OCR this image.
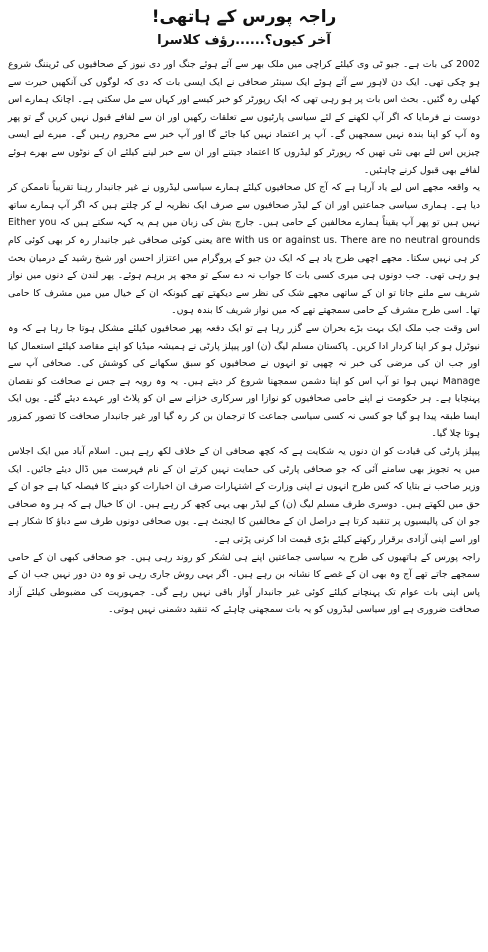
راجہ پورس کے ہاتھی!
آخر کیوں؟......رؤف کلاسرا

2002 کی بات ہے۔ جیو ٹی وی کیلئے کراچی میں ملک بھر سے آئے ہوئے جنگ اور دی نیوز کے صحافیوں کی ٹریننگ شروع ہو چکی تھی۔ ایک دن لاہور سے آئے ہوئے ایک سینئر صحافی نے ایک ایسی بات کہ دی کہ لوگوں کی آنکھیں حیرت سے کھلی رہ گئیں۔ بحث اس بات پر ہو رہی تھی کہ ایک رپورٹر کو خبر کیسے اور کہاں سے مل سکتی ہے۔ اچانک ہمارے اس دوست نے فرمایا کہ اگر آپ لکھنے کے لئے سیاسی پارٹیوں سے تعلقات رکھیں اور ان سے لفافے قبول نہیں کریں گے تو پھر وہ آپ کو اپنا بندہ نہیں سمجھیں گے۔ آپ پر اعتماد نہیں کیا جائے گا اور آپ خبر سے محروم رہیں گے۔ میرے لیے ایسی چیزیں اس لئے بھی نئی تھیں کہ رپورٹر کو لیڈروں کا اعتماد جیتنے اور ان سے خبر لینے کیلئے ان کے نوٹوں سے بھرے ہوئے لفافے بھی قبول کرنے چاہئیں۔

یہ واقعہ مجھے اس لیے یاد آرہا ہے کہ آج کل صحافیوں کیلئے ہمارے سیاسی لیڈروں نے غیر جانبدار رہنا تقریباً ناممکن کر دیا ہے۔ ہماری سیاسی جماعتیں اور ان کے لیڈر صحافیوں سے صرف ایک نظریہ لے کر چلتے ہیں کہ اگر آپ ہمارے ساتھ نہیں ہیں تو پھر آپ یقیناً ہمارے مخالفین کے حامی ہیں۔ جارج بش کی زبان میں ہم یہ کہہ سکتے ہیں کہ Either you are with us or against us. There are no neutral grounds یعنی کوئی صحافی غیر جانبدار رہ کر بھی کوئی کام کر ہی نہیں سکتا۔ مجھے اچھی طرح یاد ہے کہ ایک دن جیو کے پروگرام میں اعتزاز احسن اور شیخ رشید کے درمیان بحث ہو رہی تھی۔ جب دونوں ہی میری کسی بات کا جواب نہ دے سکے تو مجھ پر برہم ہوئے۔ پھر لندن کے دنوں میں نواز شریف سے ملنے جاتا تو ان کے ساتھی مجھے شک کی نظر سے دیکھتے تھے کیونکہ ان کے خیال میں میں مشرف کا حامی تھا۔ اسی طرح مشرف کے حامی سمجھتے تھے کہ میں نواز شریف کا بندہ ہوں۔

اس وقت جب ملک ایک بہت بڑے بحران سے گزر رہا ہے تو ایک دفعہ پھر صحافیوں کیلئے مشکل ہوتا جا رہا ہے کہ وہ نیوٹرل ہو کر اپنا کردار ادا کریں۔ پاکستان مسلم لیگ (ن) اور پیپلز پارٹی نے ہمیشہ میڈیا کو اپنے مقاصد کیلئے استعمال کیا اور جب ان کی مرضی کی خبر نہ چھپی تو انہوں نے صحافیوں کو سبق سکھانے کی کوشش کی۔ صحافی آپ سے Manage نہیں ہوا تو آپ اس کو اپنا دشمن سمجھنا شروع کر دیتے ہیں۔ یہ وہ رویہ ہے جس نے صحافت کو نقصان پہنچایا ہے۔ ہر حکومت نے اپنے حامی صحافیوں کو نوازا اور سرکاری خزانے سے ان کو پلاٹ اور عہدے دیئے گئے۔ یوں ایک ایسا طبقہ پیدا ہو گیا جو کسی نہ کسی سیاسی جماعت کا ترجمان بن کر رہ گیا اور غیر جانبدار صحافت کا تصور کمزور ہوتا چلا گیا۔

پیپلز پارٹی کی قیادت کو ان دنوں یہ شکایت ہے کہ کچھ صحافی ان کے خلاف لکھ رہے ہیں۔ اسلام آباد میں ایک اجلاس میں یہ تجویز بھی سامنے آئی کہ جو صحافی پارٹی کی حمایت نہیں کرتے ان کے نام فہرست میں ڈال دیئے جائیں۔ ایک وزیر صاحب نے بتایا کہ کس طرح انہوں نے اپنی وزارت کے اشتہارات صرف ان اخبارات کو دینے کا فیصلہ کیا ہے جو ان کے حق میں لکھتے ہیں۔ دوسری طرف مسلم لیگ (ن) کے لیڈر بھی یہی کچھ کر رہے ہیں۔ ان کا خیال ہے کہ ہر وہ صحافی جو ان کی پالیسیوں پر تنقید کرتا ہے دراصل ان کے مخالفین کا ایجنٹ ہے۔ یوں صحافی دونوں طرف سے دباؤ کا شکار ہے اور اسے اپنی آزادی برقرار رکھنے کیلئے بڑی قیمت ادا کرنی پڑتی ہے۔

راجہ پورس کے ہاتھیوں کی طرح یہ سیاسی جماعتیں اپنے ہی لشکر کو روند رہی ہیں۔ جو صحافی کبھی ان کے حامی سمجھے جاتے تھے آج وہ بھی ان کے غصے کا نشانہ بن رہے ہیں۔ اگر یہی روش جاری رہی تو وہ دن دور نہیں جب ان کے پاس اپنی بات عوام تک پہنچانے کیلئے کوئی غیر جانبدار آواز باقی نہیں رہے گی۔ جمہوریت کی مضبوطی کیلئے آزاد صحافت ضروری ہے اور سیاسی لیڈروں کو یہ بات سمجھنی چاہئے کہ تنقید دشمنی نہیں ہوتی۔
